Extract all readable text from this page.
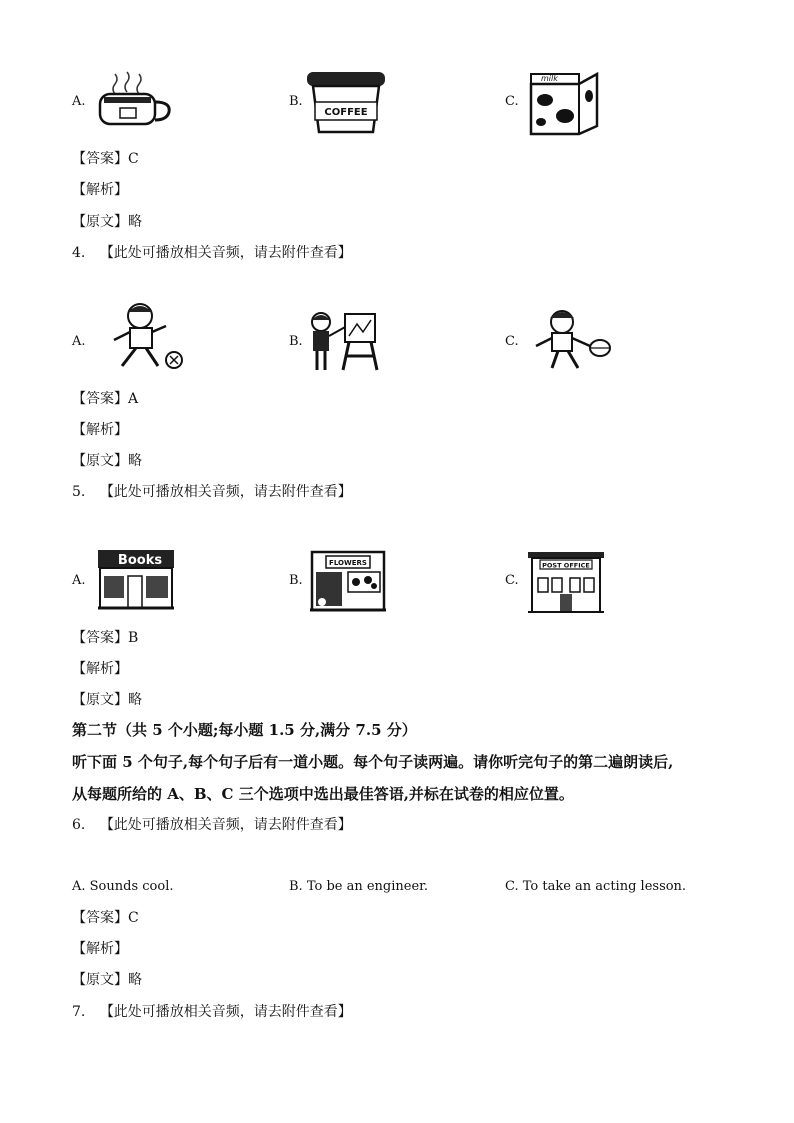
A.	B.
COFFEE
C.
milk
【答案】C
【解析】
【原文】略
4. 【此处可播放相关音频，请去附件查看】
A.	B.	C.
【答案】A
【解析】
【原文】略
5. 【此处可播放相关音频，请去附件查看】
A.
Books
B.
FLOWERS
C.
POST OFFICE
【答案】B
【解析】
【原文】略
第二节（共 5 个小题;每小题 1.5 分,满分 7.5 分）
听下面 5 个句子,每个句子后有一道小题。每个句子读两遍。请你听完句子的第二遍朗读后,
从每题所给的 A、B、C 三个选项中选出最佳答语,并标在试卷的相应位置。
6. 【此处可播放相关音频，请去附件查看】
A. Sounds cool.	B. To be an engineer.	C. To take an acting lesson.
【答案】C
【解析】
【原文】略
7. 【此处可播放相关音频，请去附件查看】
